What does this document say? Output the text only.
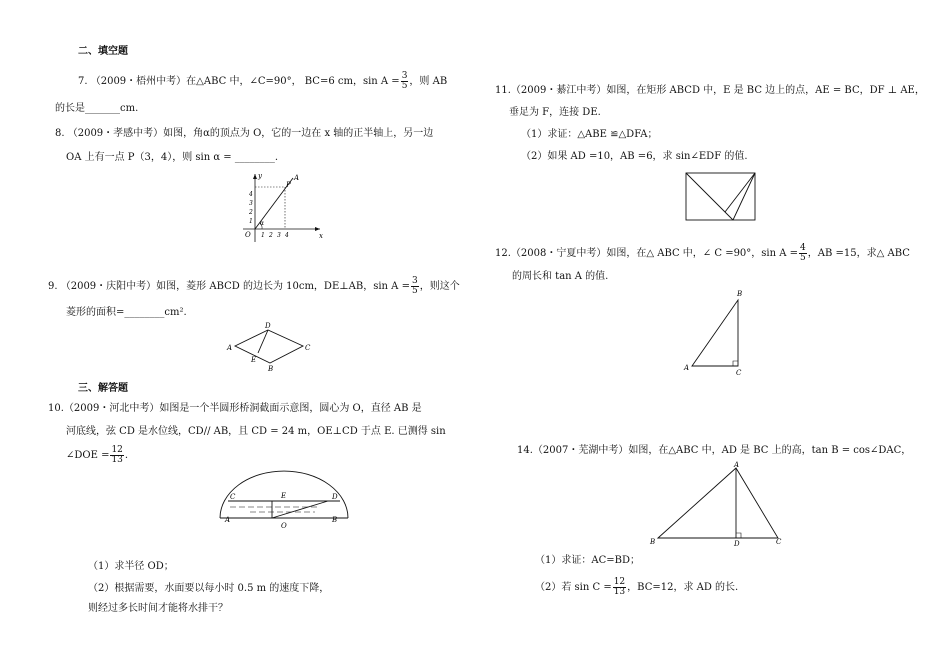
二、填空题
7. （2009・梧州中考）在△ABC 中，∠C=90°， BC=6 cm，$\sin A = \frac{3}{5}$ ，则 AB
的长是_______cm.
8. （2009・孝感中考）如图，角α的顶点为 O，它的一边在 x 轴的正半轴上，另一边
OA 上有一点 P（3，4），则 sin α = ________.
y
x
O
A
P
α
1 2 3 4
1
2
3
4
9. （2009・庆阳中考）如图，菱形 ABCD 的边长为 10cm，DE⊥AB，$\sin A = \frac{3}{5}$ ，则这个
菱形的面积=________cm².
A
D
C
E
B
三、解答题
10.（2009・河北中考）如图是一个半圆形桥洞截面示意图，圆心为 O，直径 AB 是
河底线，弦 CD 是水位线，CD// AB，且 CD = 24 m，OE⊥CD 于点 E. 已测得 sin
∠DOE = $\frac{12}{13}$ .
C	E	D
A	B
O
（1）求半径 OD；
（2）根据需要，水面要以每小时 0.5 m 的速度下降，
则经过多长时间才能将水排干？
11.（2009・綦江中考）如图，在矩形 ABCD 中，E 是 BC 边上的点，AE = BC，DF ⊥ AE，
垂足为 F，连接 DE.
（1）求证：△ABE ≌△DFA；
（2）如果 AD =10，AB =6，求 sin∠EDF 的值.
12.（2008・宁夏中考）如图，在△ ABC 中，∠ C =90°，$\sin A = \frac{4}{5}$ ，AB =15，求△ ABC
的周长和 tan A 的值.
B
A
C
14.（2007・芜湖中考）如图，在△ABC 中，AD 是 BC 上的高，tan B = cos∠DAC，
A
B	D	C
（1）求证：AC=BD；
（2）若 $\sin C = \frac{12}{13}$ ，BC=12，求 AD 的长.
